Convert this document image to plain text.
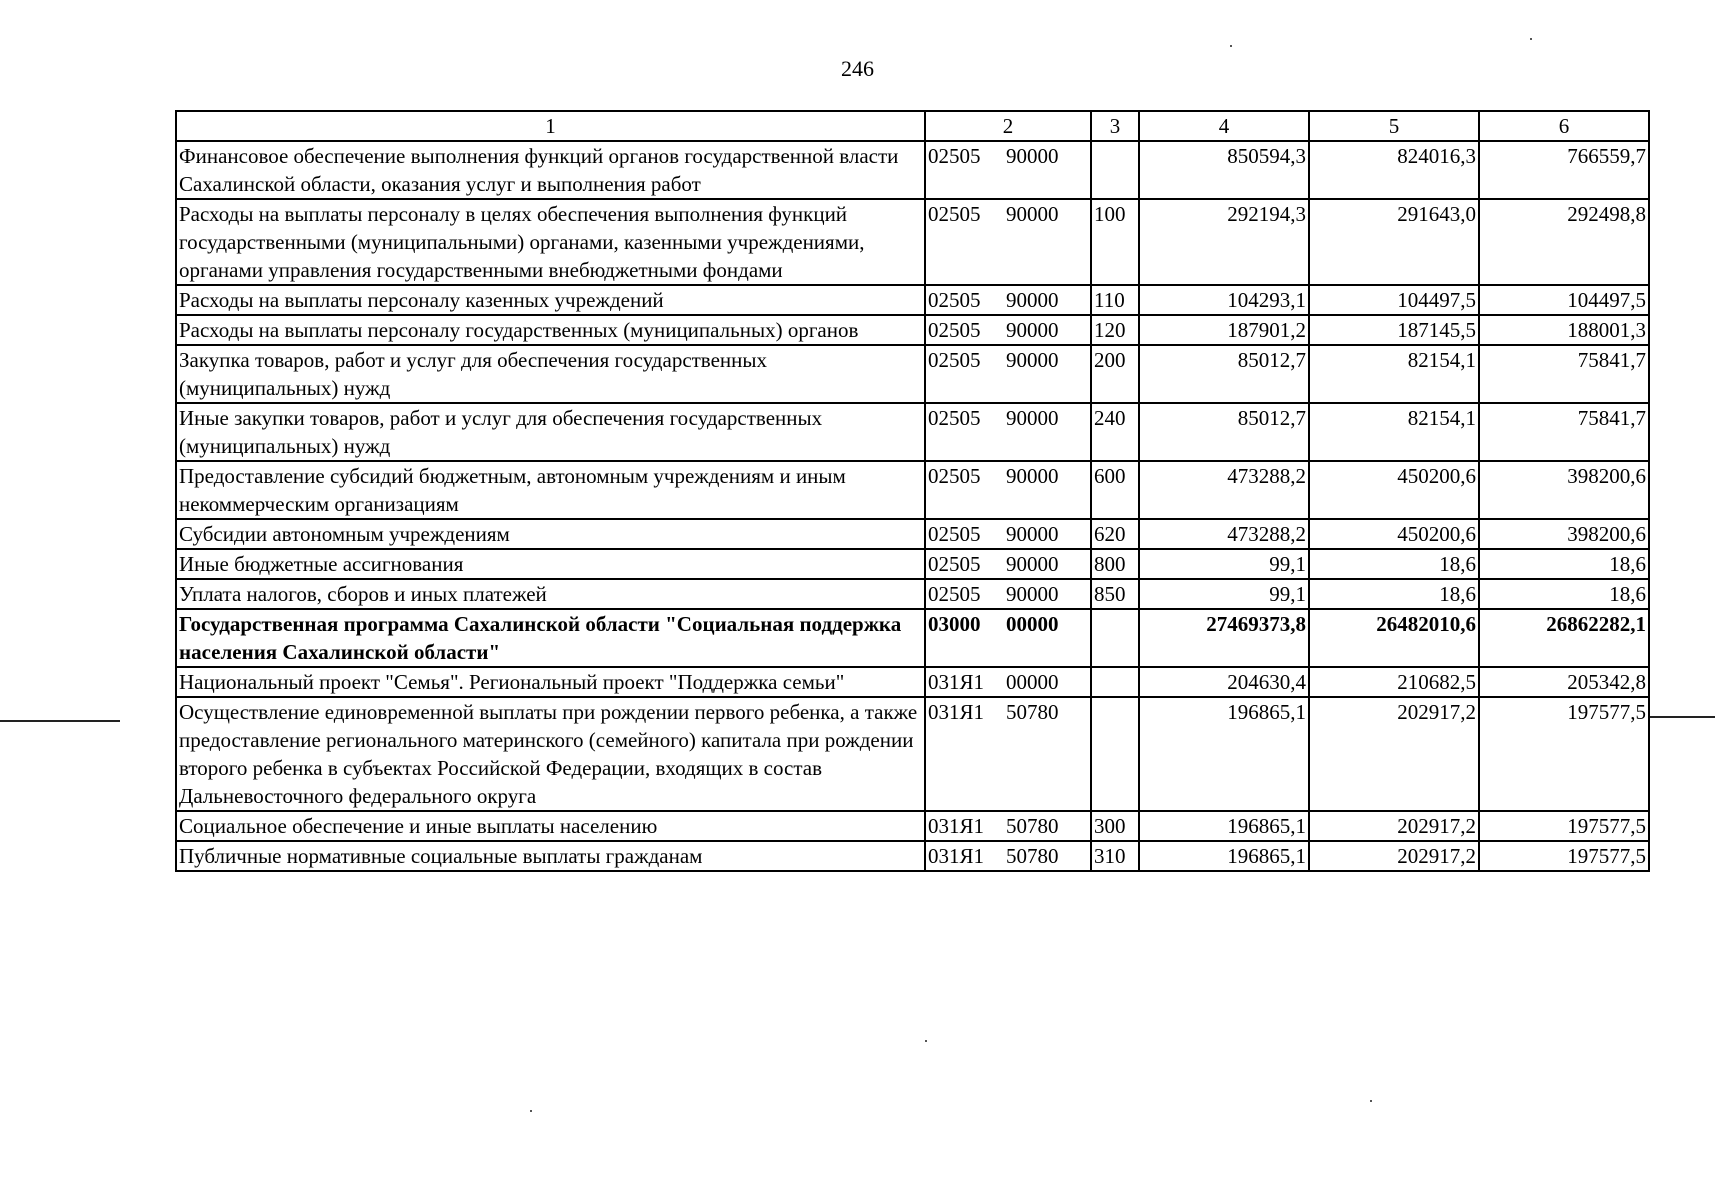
246
1	2	3	4	5	6
Финансовое обеспечение выполнения функций органов государственной власти Сахалинской области, оказания услуг и выполнения работ	02505 90000		850594,3	824016,3	766559,7
Расходы на выплаты персоналу в целях обеспечения выполнения функций государственными (муниципальными) органами, казенными учреждениями, органами управления государственными внебюджетными фондами	02505 90000	100	292194,3	291643,0	292498,8
Расходы на выплаты персоналу казенных учреждений	02505 90000	110	104293,1	104497,5	104497,5
Расходы на выплаты персоналу государственных (муниципальных) органов	02505 90000	120	187901,2	187145,5	188001,3
Закупка товаров, работ и услуг для обеспечения государственных (муниципальных) нужд	02505 90000	200	85012,7	82154,1	75841,7
Иные закупки товаров, работ и услуг для обеспечения государственных (муниципальных) нужд	02505 90000	240	85012,7	82154,1	75841,7
Предоставление субсидий бюджетным, автономным учреждениям и иным некоммерческим организациям	02505 90000	600	473288,2	450200,6	398200,6
Субсидии автономным учреждениям	02505 90000	620	473288,2	450200,6	398200,6
Иные бюджетные ассигнования	02505 90000	800	99,1	18,6	18,6
Уплата налогов, сборов и иных платежей	02505 90000	850	99,1	18,6	18,6
Государственная программа Сахалинской области "Социальная поддержка населения Сахалинской области"	03000 00000		27469373,8	26482010,6	26862282,1
Национальный проект "Семья". Региональный проект "Поддержка семьи"	031Я1 00000		204630,4	210682,5	205342,8
Осуществление единовременной выплаты при рождении первого ребенка, а также предоставление регионального материнского (семейного) капитала при рождении второго ребенка в субъектах Российской Федерации, входящих в состав Дальневосточного федерального округа	031Я1 50780		196865,1	202917,2	197577,5
Социальное обеспечение и иные выплаты населению	031Я1 50780	300	196865,1	202917,2	197577,5
Публичные нормативные социальные выплаты гражданам	031Я1 50780	310	196865,1	202917,2	197577,5
